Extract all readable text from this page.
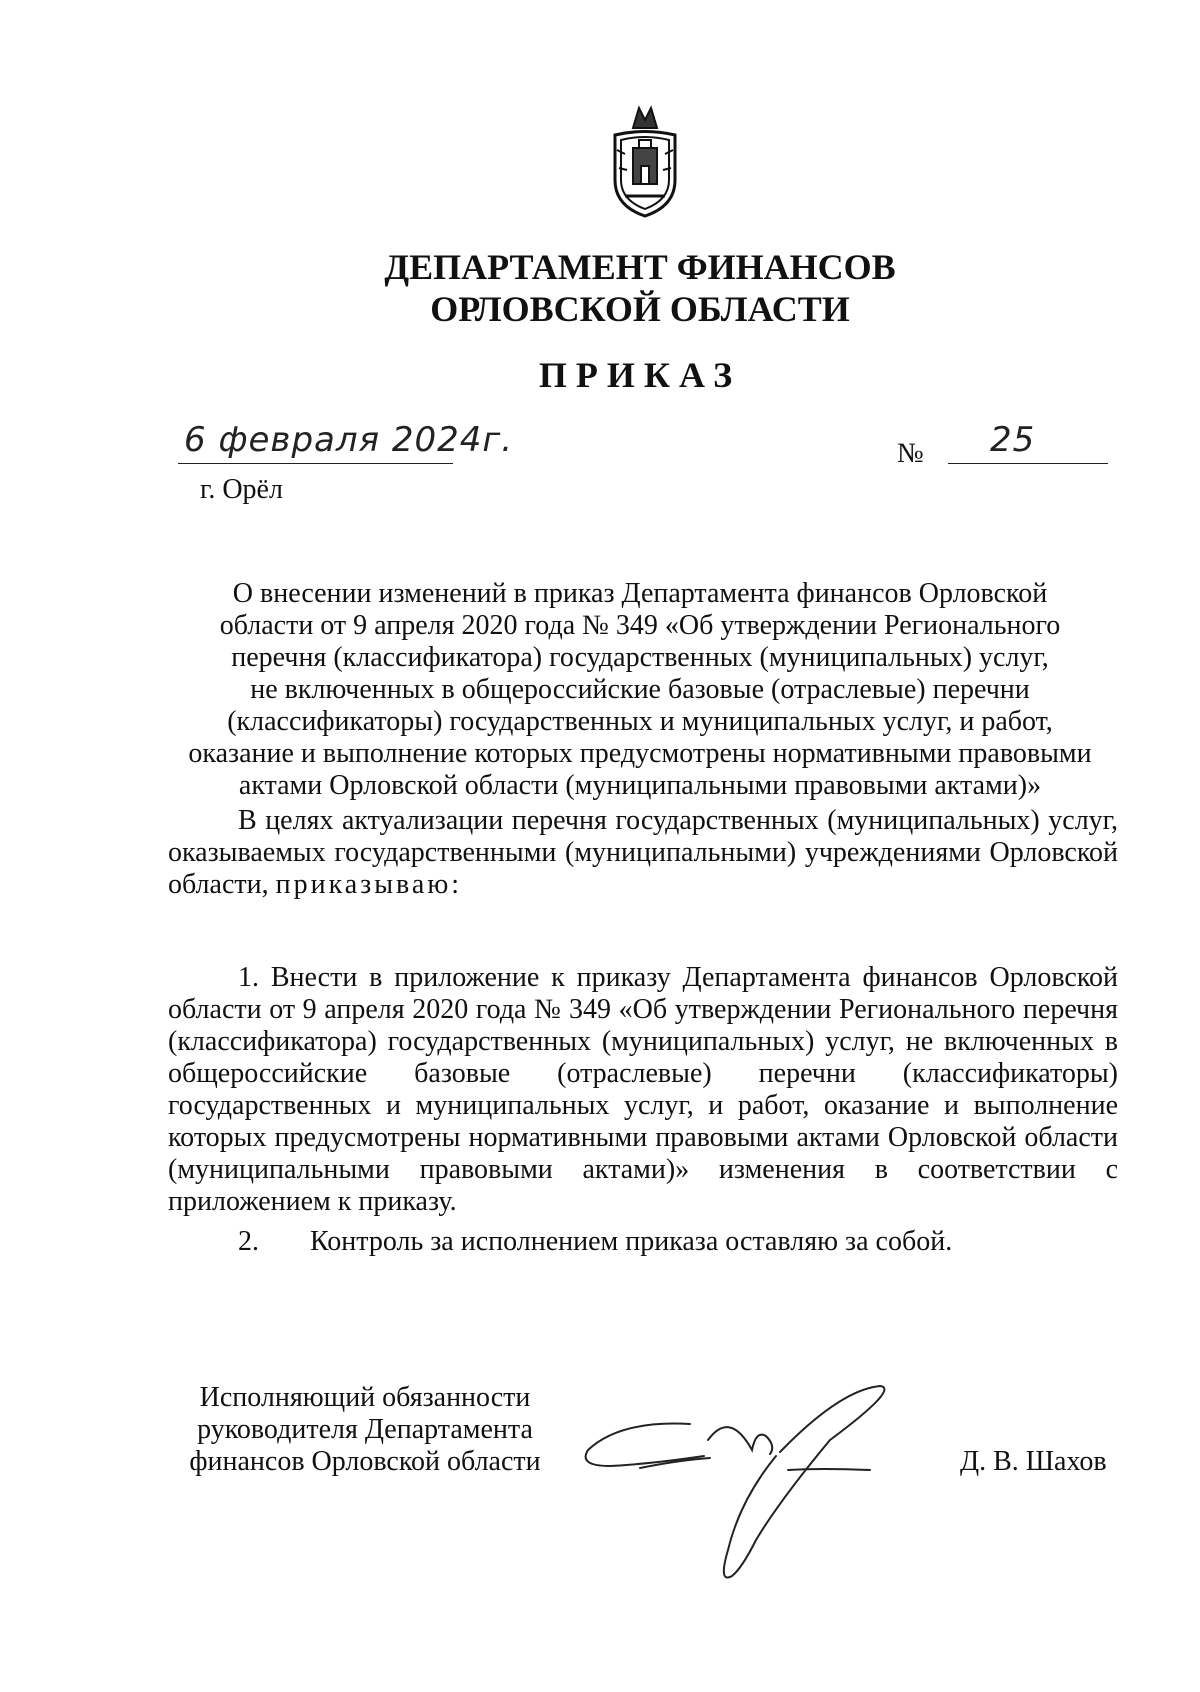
ДЕПАРТАМЕНТ ФИНАНСОВ
ОРЛОВСКОЙ ОБЛАСТИ
ПРИКАЗ
6 февраля 2024г.	№ 25
г. Орёл
О внесении изменений в приказ Департамента финансов Орловской
области от 9 апреля 2020 года № 349 «Об утверждении Регионального
перечня (классификатора) государственных (муниципальных) услуг,
не включенных в общероссийские базовые (отраслевые) перечни
(классификаторы) государственных и муниципальных услуг, и работ,
оказание и выполнение которых предусмотрены нормативными правовыми
актами Орловской области (муниципальными правовыми актами)»
В целях актуализации перечня государственных (муниципальных) услуг, оказываемых государственными (муниципальными) учреждениями Орловской области, приказываю:
1. Внести в приложение к приказу Департамента финансов Орловской области от 9 апреля 2020 года № 349 «Об утверждении Регионального перечня (классификатора) государственных (муниципальных) услуг, не включенных в общероссийские базовые (отраслевые) перечни (классификаторы) государственных и муниципальных услуг, и работ, оказание и выполнение которых предусмотрены нормативными правовыми актами Орловской области (муниципальными правовыми актами)» изменения в соответствии с приложением к приказу.
2. Контроль за исполнением приказа оставляю за собой.
Исполняющий обязанности
руководителя Департамента
финансов Орловской области	Д. В. Шахов
